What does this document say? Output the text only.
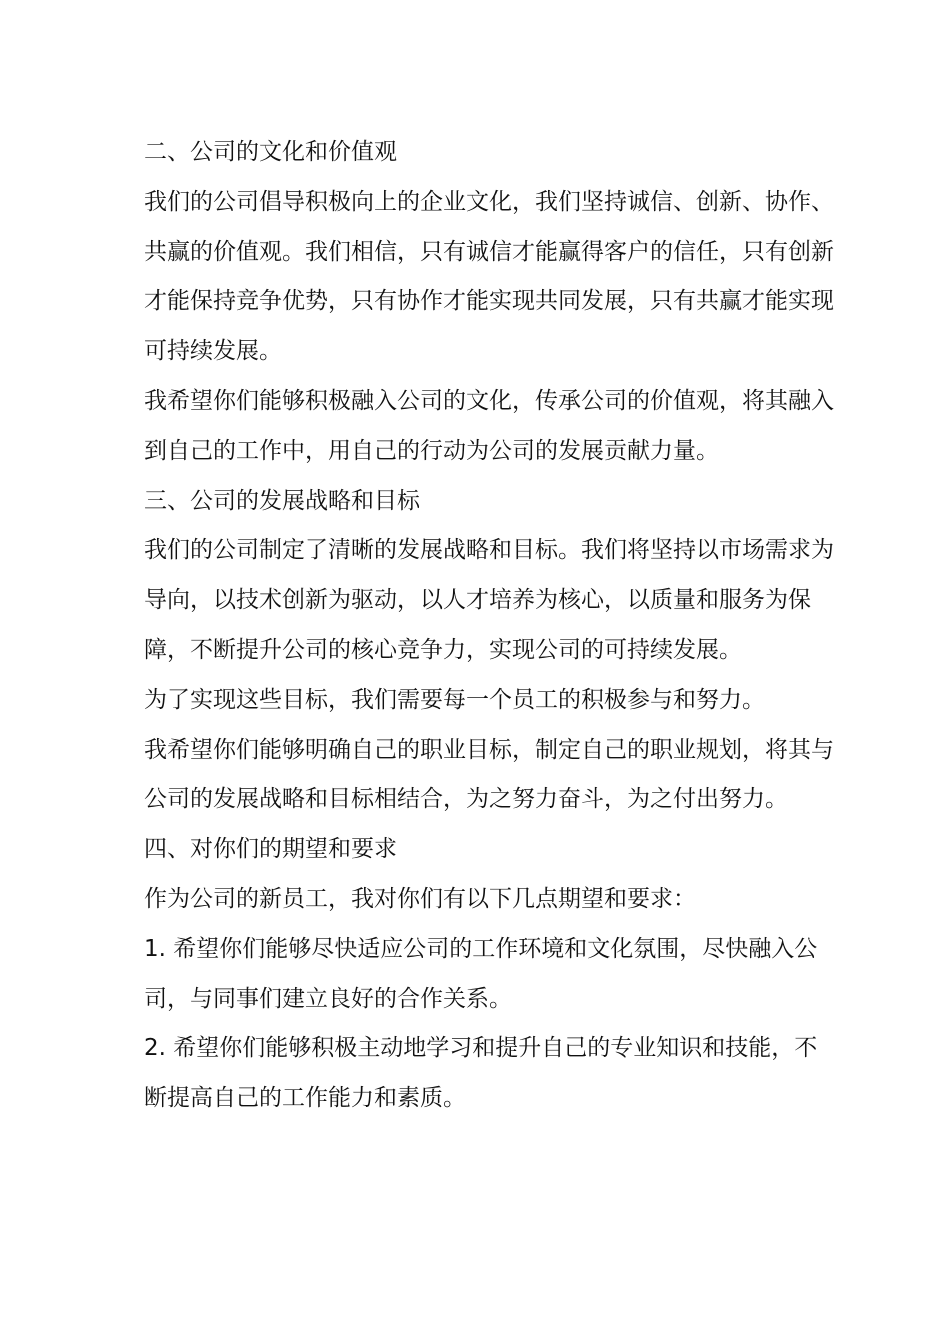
二、公司的文化和价值观

我们的公司倡导积极向上的企业文化，我们坚持诚信、创新、协作、共赢的价值观。我们相信，只有诚信才能赢得客户的信任，只有创新才能保持竞争优势，只有协作才能实现共同发展，只有共赢才能实现可持续发展。

我希望你们能够积极融入公司的文化，传承公司的价值观，将其融入到自己的工作中，用自己的行动为公司的发展贡献力量。

三、公司的发展战略和目标

我们的公司制定了清晰的发展战略和目标。我们将坚持以市场需求为导向，以技术创新为驱动，以人才培养为核心，以质量和服务为保障，不断提升公司的核心竞争力，实现公司的可持续发展。

为了实现这些目标，我们需要每一个员工的积极参与和努力。

我希望你们能够明确自己的职业目标，制定自己的职业规划，将其与公司的发展战略和目标相结合，为之努力奋斗，为之付出努力。

四、对你们的期望和要求

作为公司的新员工，我对你们有以下几点期望和要求：

1. 希望你们能够尽快适应公司的工作环境和文化氛围，尽快融入公司，与同事们建立良好的合作关系。

2. 希望你们能够积极主动地学习和提升自己的专业知识和技能，不断提高自己的工作能力和素质。
